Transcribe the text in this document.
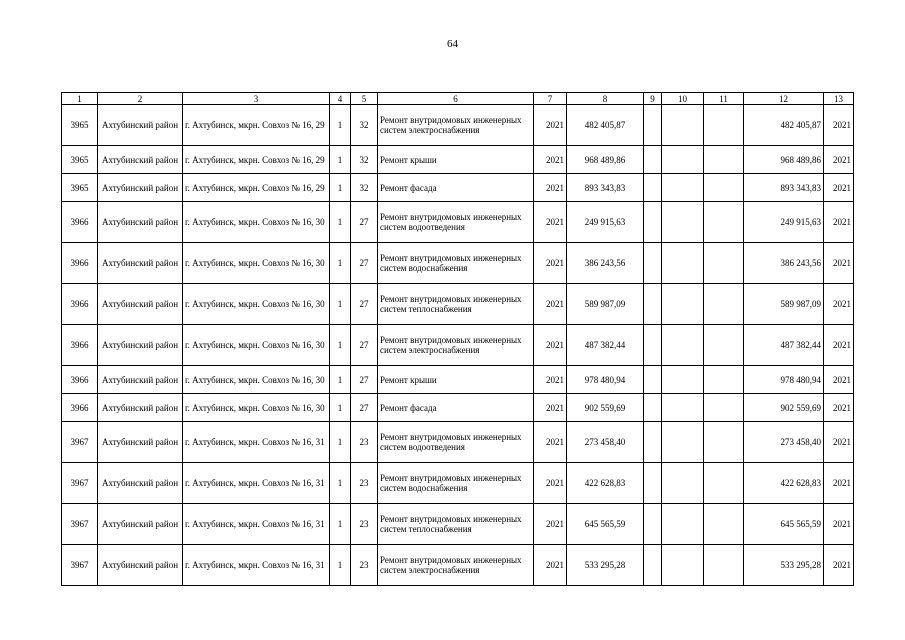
64
1	2	3	4	5	6	7	8	9	10	11	12	13
3965	Ахтубинский район	г. Ахтубинск, мкрн. Совхоз № 16, 29	1	32	Ремонт внутридомовых инженерных систем электроснабжения	2021	482 405,87				482 405,87	2021
3965	Ахтубинский район	г. Ахтубинск, мкрн. Совхоз № 16, 29	1	32	Ремонт крыши	2021	968 489,86				968 489,86	2021
3965	Ахтубинский район	г. Ахтубинск, мкрн. Совхоз № 16, 29	1	32	Ремонт фасада	2021	893 343,83				893 343,83	2021
3966	Ахтубинский район	г. Ахтубинск, мкрн. Совхоз № 16, 30	1	27	Ремонт внутридомовых инженерных систем водоотведения	2021	249 915,63				249 915,63	2021
3966	Ахтубинский район	г. Ахтубинск, мкрн. Совхоз № 16, 30	1	27	Ремонт внутридомовых инженерных систем водоснабжения	2021	386 243,56				386 243,56	2021
3966	Ахтубинский район	г. Ахтубинск, мкрн. Совхоз № 16, 30	1	27	Ремонт внутридомовых инженерных систем теплоснабжения	2021	589 987,09				589 987,09	2021
3966	Ахтубинский район	г. Ахтубинск, мкрн. Совхоз № 16, 30	1	27	Ремонт внутридомовых инженерных систем электроснабжения	2021	487 382,44				487 382,44	2021
3966	Ахтубинский район	г. Ахтубинск, мкрн. Совхоз № 16, 30	1	27	Ремонт крыши	2021	978 480,94				978 480,94	2021
3966	Ахтубинский район	г. Ахтубинск, мкрн. Совхоз № 16, 30	1	27	Ремонт фасада	2021	902 559,69				902 559,69	2021
3967	Ахтубинский район	г. Ахтубинск, мкрн. Совхоз № 16, 31	1	23	Ремонт внутридомовых инженерных систем водоотведения	2021	273 458,40				273 458,40	2021
3967	Ахтубинский район	г. Ахтубинск, мкрн. Совхоз № 16, 31	1	23	Ремонт внутридомовых инженерных систем водоснабжения	2021	422 628,83				422 628,83	2021
3967	Ахтубинский район	г. Ахтубинск, мкрн. Совхоз № 16, 31	1	23	Ремонт внутридомовых инженерных систем теплоснабжения	2021	645 565,59				645 565,59	2021
3967	Ахтубинский район	г. Ахтубинск, мкрн. Совхоз № 16, 31	1	23	Ремонт внутридомовых инженерных систем электроснабжения	2021	533 295,28				533 295,28	2021
